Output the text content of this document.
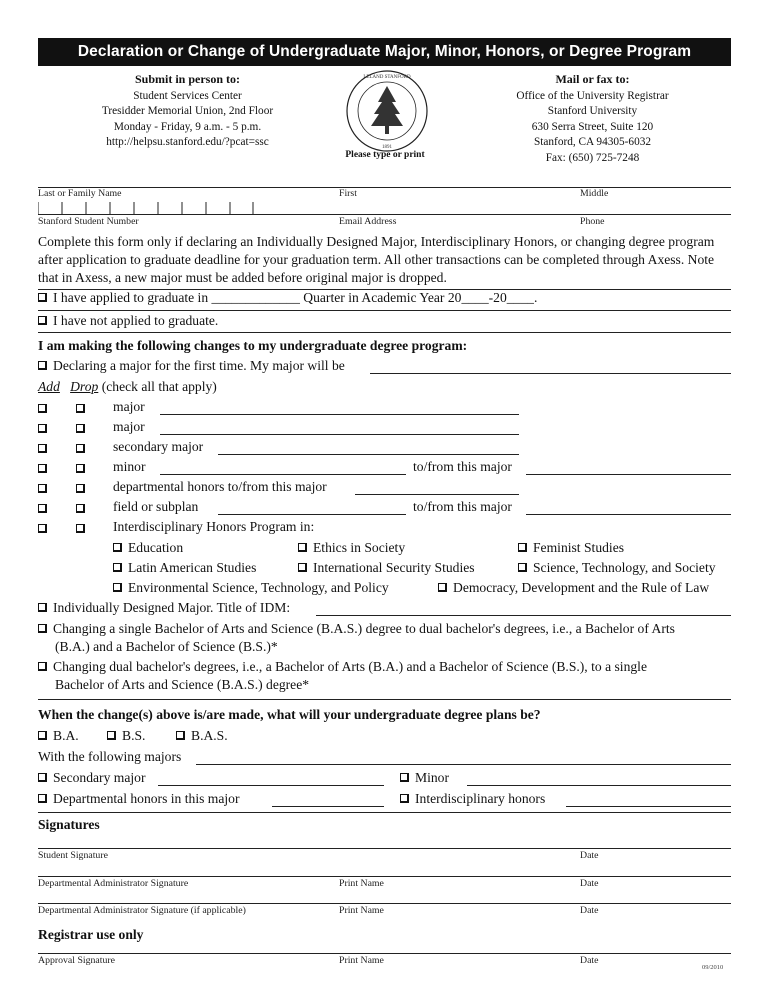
Declaration or Change of Undergraduate Major, Minor, Honors, or Degree Program
Submit in person to:
Student Services Center
Tresidder Memorial Union, 2nd Floor
Monday - Friday, 9 a.m. - 5 p.m.
http://helpsu.stanford.edu/?pcat=ssc
LELAND STANFORD
1891
Please type or print
Mail or fax to:
Office of the University Registrar
Stanford University
630 Serra Street, Suite 120
Stanford, CA 94305-6032
Fax: (650) 725-7248
Last or Family Name	First	Middle
Stanford Student Number	Email Address	Phone
Complete this form only if declaring an Individually Designed Major, Interdisciplinary Honors, or changing degree program after application to graduate deadline for your graduation term. All other transactions can be completed through Axess. Note that in Axess, a new major must be added before original major is dropped.
I have applied to graduate in _____________ Quarter in Academic Year 20____-20____.
I have not applied to graduate.
I am making the following changes to my undergraduate degree program:
Declaring a major for the first time. My major will be
Add Drop (check all that apply)
major
major
secondary major
minor	to/from this major
departmental honors to/from this major
field or subplan	to/from this major
Interdisciplinary Honors Program in:
Education	Ethics in Society	Feminist Studies
Latin American Studies	International Security Studies	Science, Technology, and Society
Environmental Science, Technology, and Policy	Democracy, Development and the Rule of Law
Individually Designed Major. Title of IDM:
Changing a single Bachelor of Arts and Science (B.A.S.) degree to dual bachelor's degrees, i.e., a Bachelor of Arts
(B.A.) and a Bachelor of Science (B.S.)*
Changing dual bachelor's degrees, i.e., a Bachelor of Arts (B.A.) and a Bachelor of Science (B.S.), to a single
Bachelor of Arts and Science (B.A.S.) degree*
When the change(s) above is/are made, what will your undergraduate degree plans be?
B.A.	B.S.	B.A.S.
With the following majors
Secondary major	Minor
Departmental honors in this major	Interdisciplinary honors
Signatures
Student Signature	Date
Departmental Administrator Signature	Print Name	Date
Departmental Administrator Signature (if applicable)	Print Name	Date
Registrar use only
Approval Signature	Print Name	Date
09/2010
